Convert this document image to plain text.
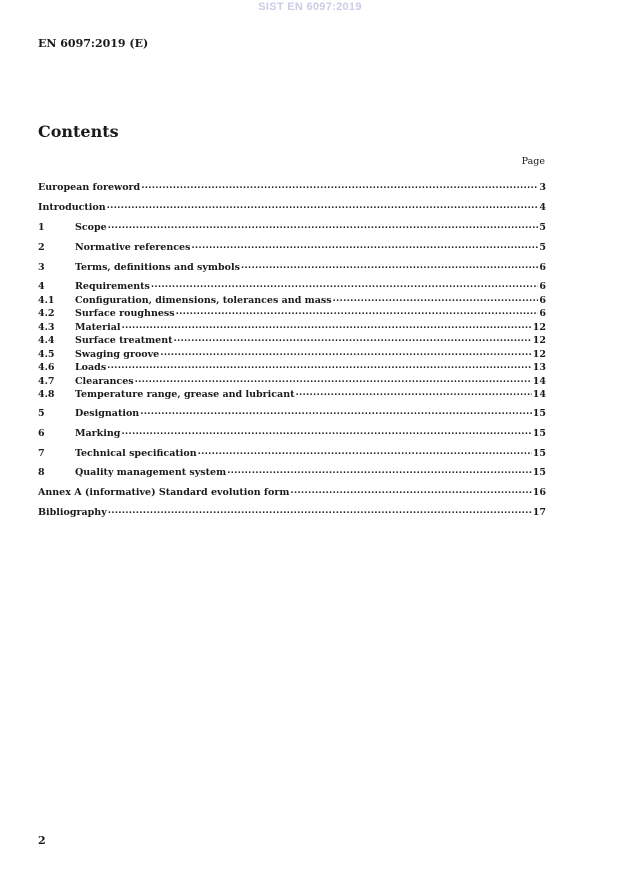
SIST EN 6097:2019
EN 6097:2019 (E)
Contents
Page
European foreword .....	3
Introduction .....	4
1	Scope .....	5
2	Normative references .....	5
3	Terms, definitions and symbols .....	6
4	Requirements .....	6
4.1	Configuration, dimensions, tolerances and mass .....	6
4.2	Surface roughness .....	6
4.3	Material .....	12
4.4	Surface treatment .....	12
4.5	Swaging groove .....	12
4.6	Loads .....	13
4.7	Clearances .....	14
4.8	Temperature range, grease and lubricant .....	14
5	Designation .....	15
6	Marking .....	15
7	Technical specification .....	15
8	Quality management system .....	15
Annex A (informative) Standard evolution form .....	16
Bibliography .....	17
2
